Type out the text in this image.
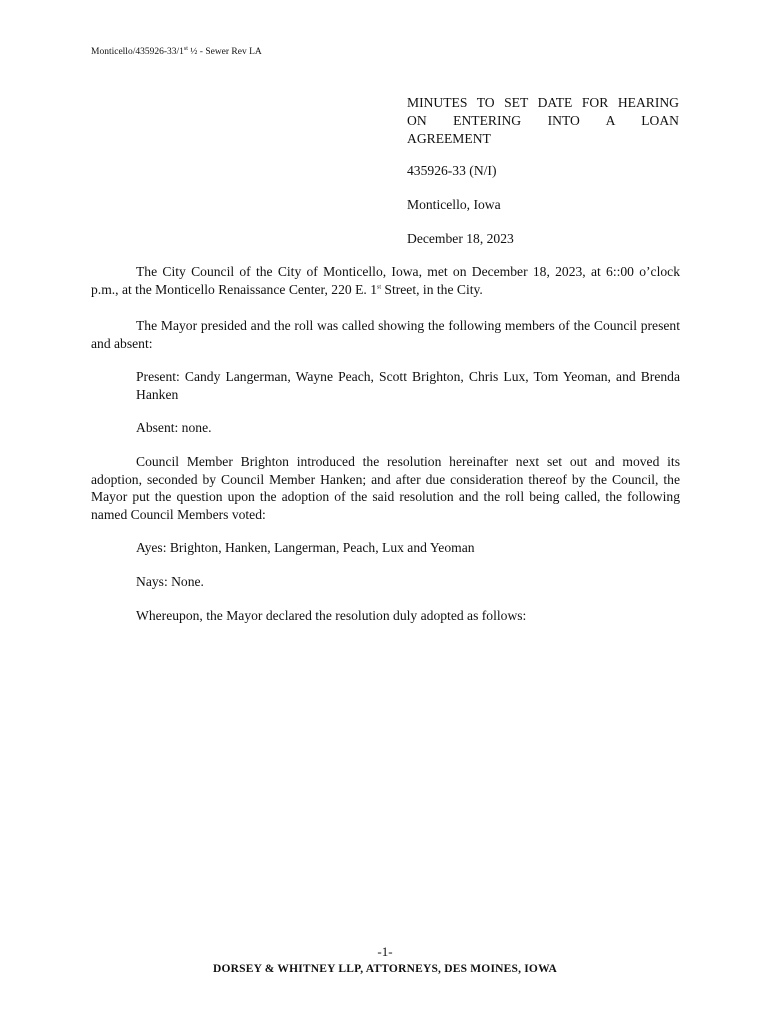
Monticello/435926-33/1st ½ - Sewer Rev LA
MINUTES TO SET DATE FOR HEARING
ON ENTERING INTO A LOAN
AGREEMENT
435926-33 (N/I)
Monticello, Iowa
December 18, 2023

The City Council of the City of Monticello, Iowa, met on December 18, 2023, at 6::00 o’clock p.m., at the Monticello Renaissance Center, 220 E. 1st Street, in the City.

The Mayor presided and the roll was called showing the following members of the Council present and absent:

Present: Candy Langerman, Wayne Peach, Scott Brighton, Chris Lux, Tom Yeoman, and Brenda Hanken
Absent: none.

Council Member Brighton introduced the resolution hereinafter next set out and moved its adoption, seconded by Council Member Hanken; and after due consideration thereof by the Council, the Mayor put the question upon the adoption of the said resolution and the roll being called, the following named Council Members voted:

Ayes: Brighton, Hanken, Langerman, Peach, Lux and Yeoman
Nays: None.
Whereupon, the Mayor declared the resolution duly adopted as follows:
-1-
DORSEY & WHITNEY LLP, ATTORNEYS, DES MOINES, IOWA
